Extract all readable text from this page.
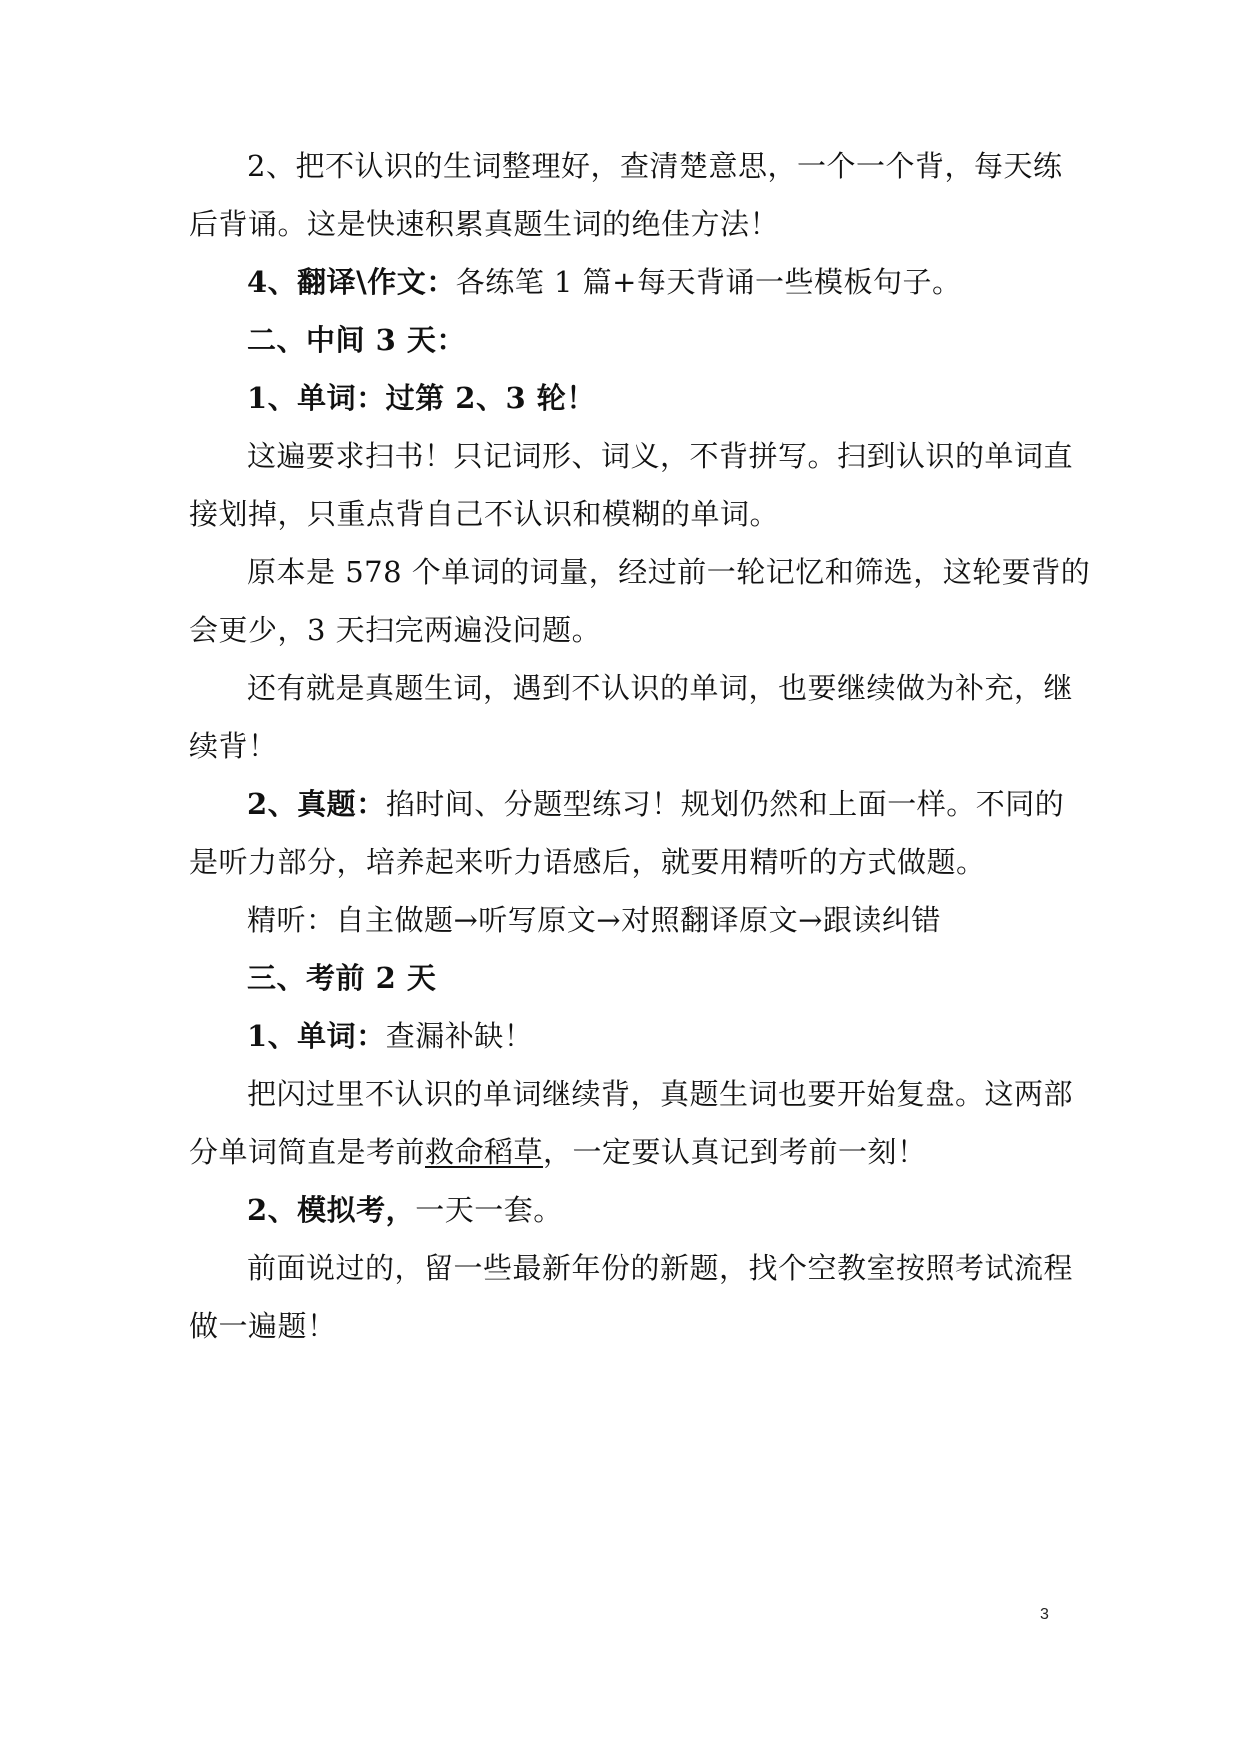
2、把不认识的生词整理好，查清楚意思，一个一个背，每天练
后背诵。这是快速积累真题生词的绝佳方法！
4、翻译\作文：各练笔 1 篇+每天背诵一些模板句子。
二、中间 3 天：
1、单词：过第 2、3 轮！
这遍要求扫书！只记词形、词义，不背拼写。扫到认识的单词直
接划掉，只重点背自己不认识和模糊的单词。
原本是 578 个单词的词量，经过前一轮记忆和筛选，这轮要背的
会更少，3 天扫完两遍没问题。
还有就是真题生词，遇到不认识的单词，也要继续做为补充，继
续背！
2、真题：掐时间、分题型练习！规划仍然和上面一样。不同的
是听力部分，培养起来听力语感后，就要用精听的方式做题。
精听：自主做题→听写原文→对照翻译原文→跟读纠错
三、考前 2 天
1、单词：查漏补缺！
把闪过里不认识的单词继续背，真题生词也要开始复盘。这两部
分单词简直是考前救命稻草，一定要认真记到考前一刻！
2、模拟考，一天一套。
前面说过的，留一些最新年份的新题，找个空教室按照考试流程
做一遍题！
3
